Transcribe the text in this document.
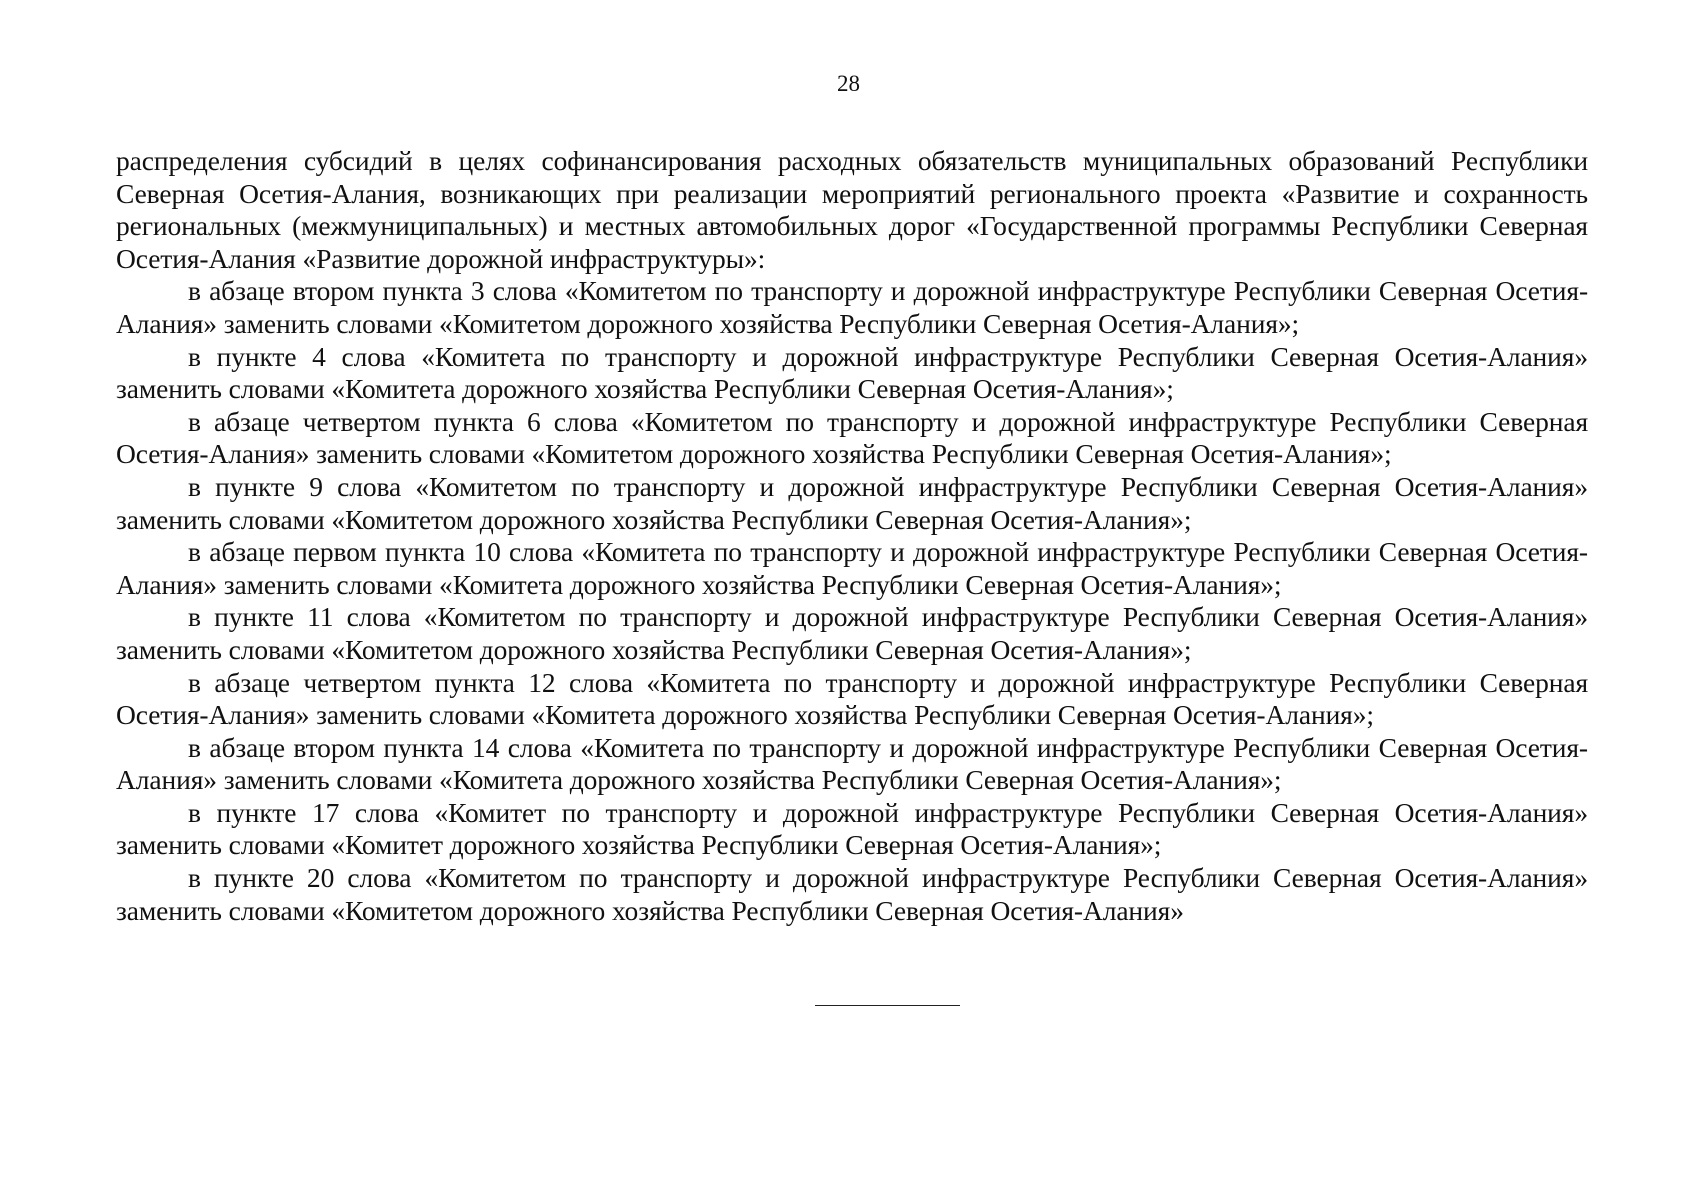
28

распределения субсидий в целях софинансирования расходных обязательств муниципальных образований Республики Северная Осетия-Алания, возникающих при реализации мероприятий регионального проекта «Развитие и сохранность региональных (межмуниципальных) и местных автомобильных дорог «Государственной программы Республики Северная Осетия-Алания «Развитие дорожной инфраструктуры»:

в абзаце втором пункта 3 слова «Комитетом по транспорту и дорожной инфраструктуре Республики Северная Осетия-Алания» заменить словами «Комитетом дорожного хозяйства Республики Северная Осетия-Алания»;

в пункте 4 слова «Комитета по транспорту и дорожной инфраструктуре Республики Северная Осетия-Алания» заменить словами «Комитета дорожного хозяйства Республики Северная Осетия-Алания»;

в абзаце четвертом пункта 6 слова «Комитетом по транспорту и дорожной инфраструктуре Республики Северная Осетия-Алания» заменить словами «Комитетом дорожного хозяйства Республики Северная Осетия-Алания»;

в пункте 9 слова «Комитетом по транспорту и дорожной инфраструктуре Республики Северная Осетия-Алания» заменить словами «Комитетом дорожного хозяйства Республики Северная Осетия-Алания»;

в абзаце первом пункта 10 слова «Комитета по транспорту и дорожной инфраструктуре Республики Северная Осетия-Алания» заменить словами «Комитета дорожного хозяйства Республики Северная Осетия-Алания»;

в пункте 11 слова «Комитетом по транспорту и дорожной инфраструктуре Республики Северная Осетия-Алания» заменить словами «Комитетом дорожного хозяйства Республики Северная Осетия-Алания»;

в абзаце четвертом пункта 12 слова «Комитета по транспорту и дорожной инфраструктуре Республики Северная Осетия-Алания» заменить словами «Комитета дорожного хозяйства Республики Северная Осетия-Алания»;

в абзаце втором пункта 14 слова «Комитета по транспорту и дорожной инфраструктуре Республики Северная Осетия-Алания» заменить словами «Комитета дорожного хозяйства Республики Северная Осетия-Алания»;

в пункте 17 слова «Комитет по транспорту и дорожной инфраструктуре Республики Северная Осетия-Алания» заменить словами «Комитет дорожного хозяйства Республики Северная Осетия-Алания»;

в пункте 20 слова «Комитетом по транспорту и дорожной инфраструктуре Республики Северная Осетия-Алания» заменить словами «Комитетом дорожного хозяйства Республики Северная Осетия-Алания»
